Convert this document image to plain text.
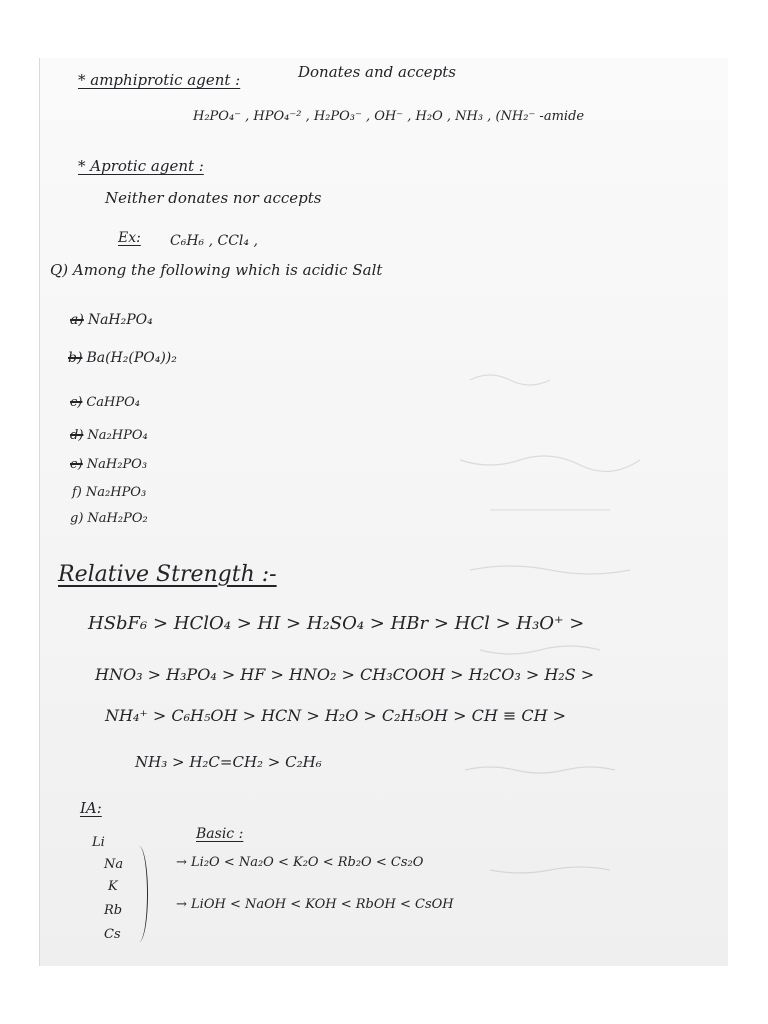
* amphiprotic agent :	Donates and accepts
H₂PO₄⁻ , HPO₄⁻² , H₂PO₃⁻ , OH⁻ , H₂O , NH₃ , (NH₂⁻ -amide
* Aprotic agent :
Neither donates nor accepts
Ex: C₆H₆ , CCl₄ ,
Q) Among the following which is acidic Salt
a) NaH₂PO₄
b) Ba(H₂(PO₄))₂
c) CaHPO₄
d) Na₂HPO₄
e) NaH₂PO₃
f) Na₂HPO₃
g) NaH₂PO₂
Relative Strength :-
HSbF₆ > HClO₄ > HI > H₂SO₄ > HBr > HCl > H₃O⁺ >
HNO₃ > H₃PO₄ > HF > HNO₂ > CH₃COOH > H₂CO₃ > H₂S >
NH₄⁺ > C₆H₅OH > HCN > H₂O > C₂H₅OH > CH ≡ CH >
NH₃ > H₂C=CH₂ > C₂H₆
IA:
Li
Na
K
Rb
Cs
Basic :
→ Li₂O < Na₂O < K₂O < Rb₂O < Cs₂O
→ LiOH < NaOH < KOH < RbOH < CsOH
